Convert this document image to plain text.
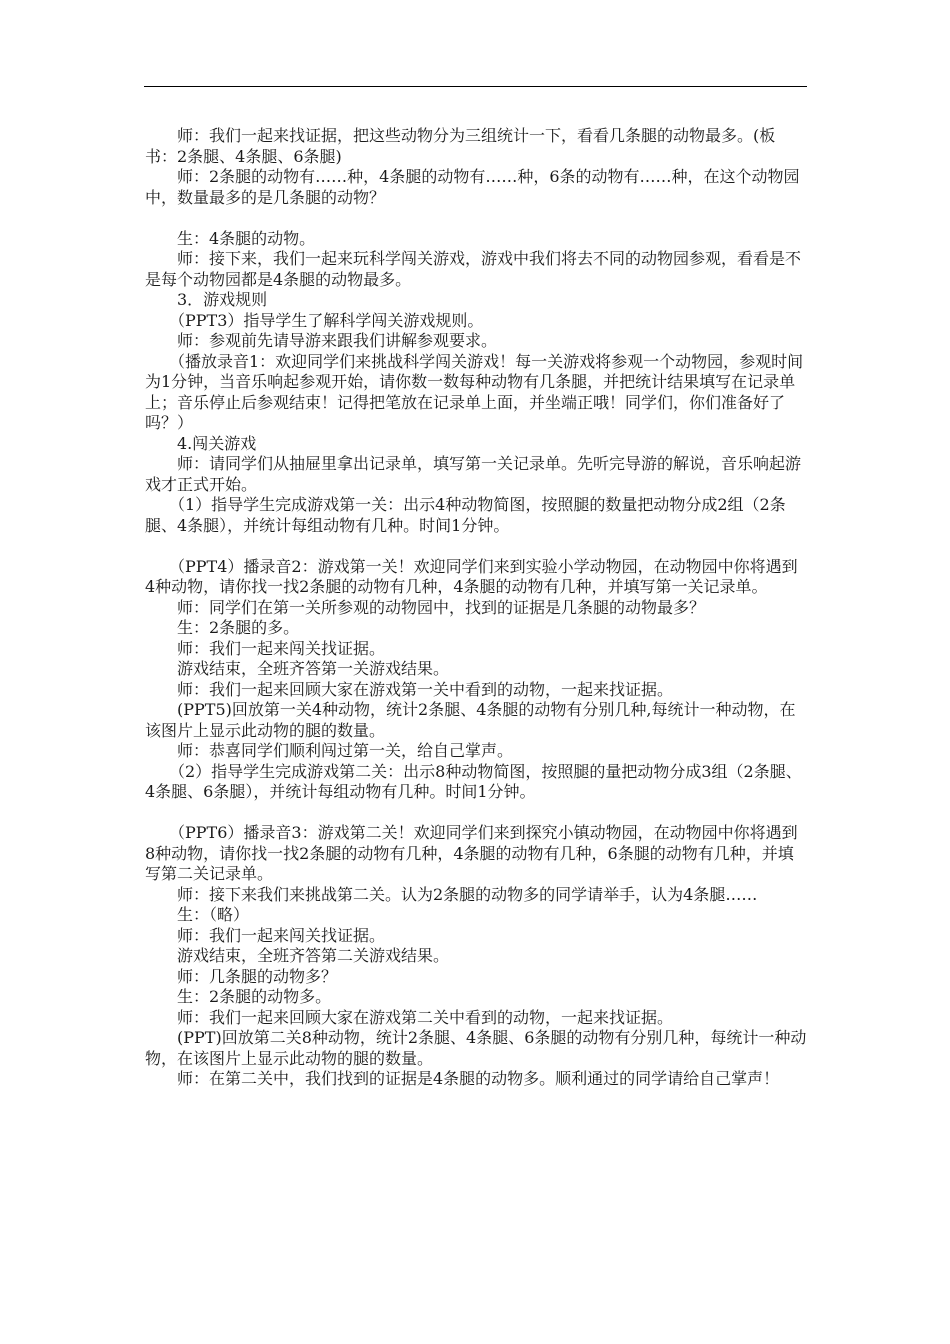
师：我们一起来找证据，把这些动物分为三组统计一下，看看几条腿的动物最多。(板书：2条腿、4条腿、6条腿)

师：2条腿的动物有……种，4条腿的动物有……种，6条的动物有……种，在这个动物园中，数量最多的是几条腿的动物？

生：4条腿的动物。

师：接下来，我们一起来玩科学闯关游戏，游戏中我们将去不同的动物园参观，看看是不是每个动物园都是4条腿的动物最多。

3．游戏规则

（PPT3）指导学生了解科学闯关游戏规则。

师：参观前先请导游来跟我们讲解参观要求。

（播放录音1：欢迎同学们来挑战科学闯关游戏！每一关游戏将参观一个动物园，参观时间为1分钟，当音乐响起参观开始，请你数一数每种动物有几条腿，并把统计结果填写在记录单上；音乐停止后参观结束！记得把笔放在记录单上面，并坐端正哦！同学们，你们准备好了吗？）

4.闯关游戏

师：请同学们从抽屉里拿出记录单，填写第一关记录单。先听完导游的解说，音乐响起游戏才正式开始。

（1）指导学生完成游戏第一关：出示4种动物简图，按照腿的数量把动物分成2组（2条腿、4条腿），并统计每组动物有几种。时间1分钟。

（PPT4）播录音2：游戏第一关！欢迎同学们来到实验小学动物园，在动物园中你将遇到4种动物，请你找一找2条腿的动物有几种，4条腿的动物有几种，并填写第一关记录单。

师：同学们在第一关所参观的动物园中，找到的证据是几条腿的动物最多？

生：2条腿的多。

师：我们一起来闯关找证据。

游戏结束，全班齐答第一关游戏结果。

师：我们一起来回顾大家在游戏第一关中看到的动物，一起来找证据。

(PPT5)回放第一关4种动物，统计2条腿、4条腿的动物有分别几种,每统计一种动物，在该图片上显示此动物的腿的数量。

师：恭喜同学们顺利闯过第一关，给自己掌声。

（2）指导学生完成游戏第二关：出示8种动物简图，按照腿的量把动物分成3组（2条腿、4条腿、6条腿），并统计每组动物有几种。时间1分钟。

（PPT6）播录音3：游戏第二关！欢迎同学们来到探究小镇动物园，在动物园中你将遇到8种动物，请你找一找2条腿的动物有几种，4条腿的动物有几种，6条腿的动物有几种，并填写第二关记录单。

师：接下来我们来挑战第二关。认为2条腿的动物多的同学请举手，认为4条腿……

生：（略）

师：我们一起来闯关找证据。

游戏结束，全班齐答第二关游戏结果。

师：几条腿的动物多？

生：2条腿的动物多。

师：我们一起来回顾大家在游戏第二关中看到的动物，一起来找证据。

(PPT)回放第二关8种动物，统计2条腿、4条腿、6条腿的动物有分别几种，每统计一种动物，在该图片上显示此动物的腿的数量。

师：在第二关中，我们找到的证据是4条腿的动物多。顺利通过的同学请给自己掌声！
